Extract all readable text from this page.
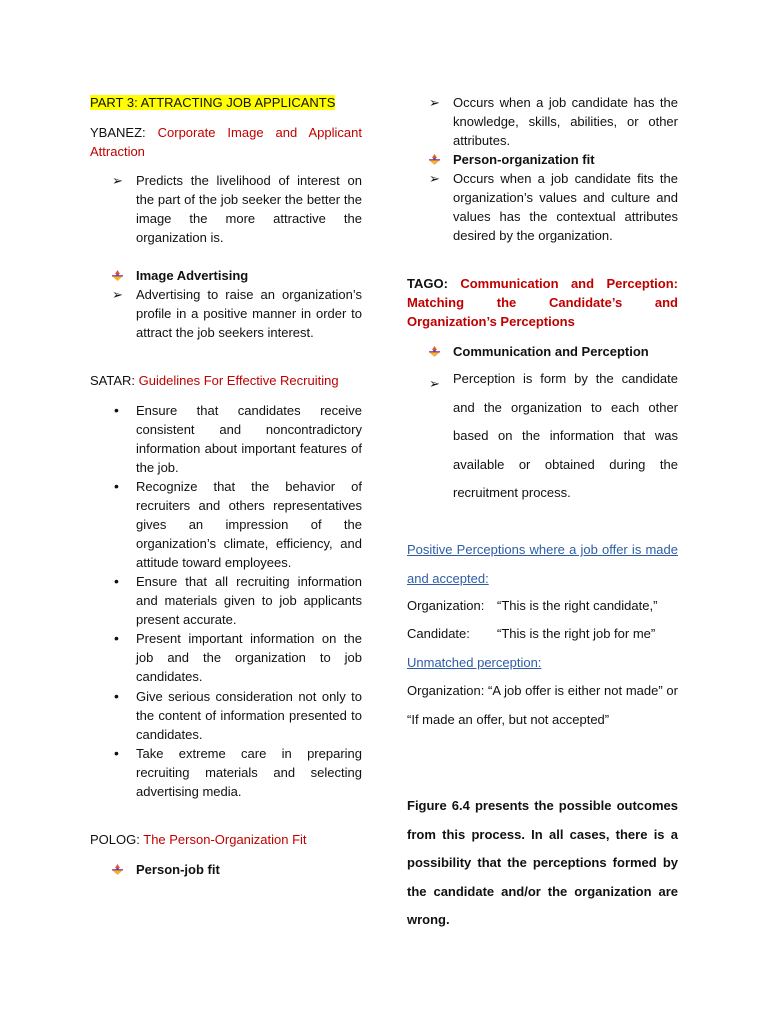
PART 3: ATTRACTING JOB APPLICANTS
YBANEZ: Corporate Image and Applicant Attraction
➢ Predicts the livelihood of interest on the part of the job seeker the better the image the more attractive the organization is.
Image Advertising
➢ Advertising to raise an organization’s profile in a positive manner in order to attract the job seekers interest.
SATAR: Guidelines For Effective Recruiting
• Ensure that candidates receive consistent and noncontradictory information about important features of the job.
• Recognize that the behavior of recruiters and others representatives gives an impression of the organization’s climate, efficiency, and attitude toward employees.
• Ensure that all recruiting information and materials given to job applicants present accurate.
• Present important information on the job and the organization to job candidates.
• Give serious consideration not only to the content of information presented to candidates.
• Take extreme care in preparing recruiting materials and selecting advertising media.
POLOG: The Person-Organization Fit
Person-job fit
➢ Occurs when a job candidate has the knowledge, skills, abilities, or other attributes.
Person-organization fit
➢ Occurs when a job candidate fits the organization’s values and culture and values has the contextual attributes desired by the organization.
TAGO: Communication and Perception: Matching the Candidate’s and Organization’s Perceptions
Communication and Perception
➢ Perception is form by the candidate and the organization to each other based on the information that was available or obtained during the recruitment process.
Positive Perceptions where a job offer is made and accepted:
Organization: “This is the right candidate,”
Candidate: “This is the right job for me”
Unmatched perception:
Organization: “A job offer is either not made” or “If made an offer, but not accepted”
Figure 6.4 presents the possible outcomes from this process. In all cases, there is a possibility that the perceptions formed by the candidate and/or the organization are wrong.
